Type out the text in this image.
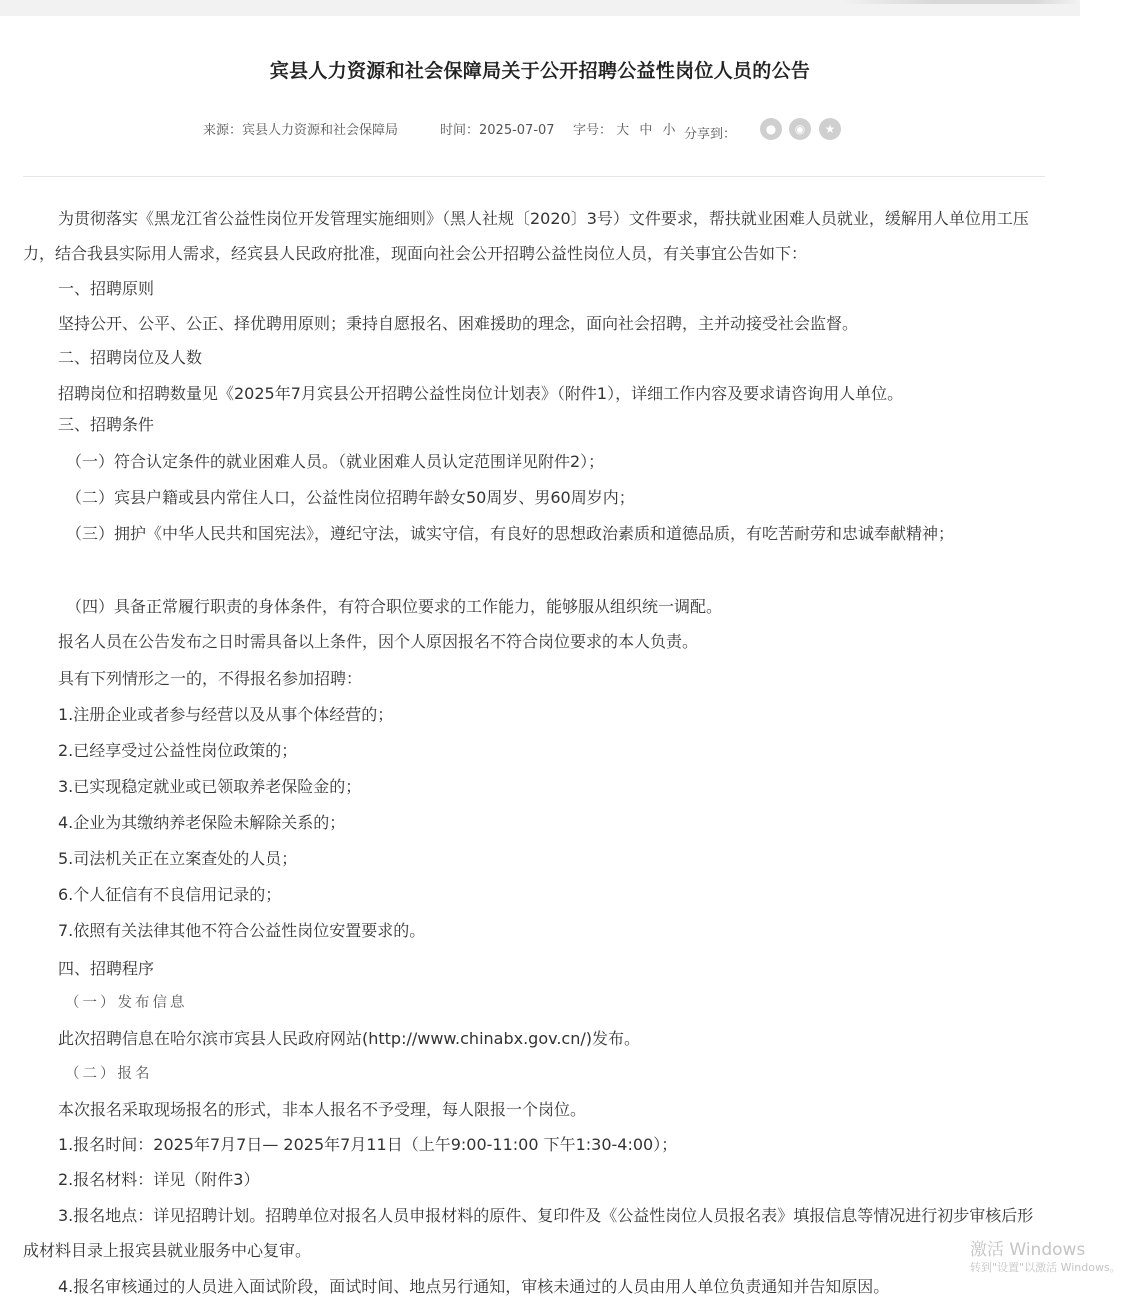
宾县人力资源和社会保障局关于公开招聘公益性岗位人员的公告
来源：宾县人力资源和社会保障局	时间：2025-07-07 字号： 大 中 小 分享到：	●	◉	★

为贯彻落实《黑龙江省公益性岗位开发管理实施细则》（黑人社规〔2020〕3号）文件要求，帮扶就业困难人员就业，缓解用人单位用工压力，结合我县实际用人需求，经宾县人民政府批准，现面向社会公开招聘公益性岗位人员，有关事宜公告如下：

一、招聘原则

坚持公开、公平、公正、择优聘用原则；秉持自愿报名、困难援助的理念，面向社会招聘，主并动接受社会监督。

二、招聘岗位及人数

招聘岗位和招聘数量见《2025年7月宾县公开招聘公益性岗位计划表》（附件1），详细工作内容及要求请咨询用人单位。

三、招聘条件

（一）符合认定条件的就业困难人员。（就业困难人员认定范围详见附件2）；

（二）宾县户籍或县内常住人口，公益性岗位招聘年龄女50周岁、男60周岁内；

（三）拥护《中华人民共和国宪法》，遵纪守法，诚实守信，有良好的思想政治素质和道德品质，有吃苦耐劳和忠诚奉献精神；

（四）具备正常履行职责的身体条件，有符合职位要求的工作能力，能够服从组织统一调配。

报名人员在公告发布之日时需具备以上条件，因个人原因报名不符合岗位要求的本人负责。

具有下列情形之一的，不得报名参加招聘：

1.注册企业或者参与经营以及从事个体经营的；

2.已经享受过公益性岗位政策的；

3.已实现稳定就业或已领取养老保险金的；

4.企业为其缴纳养老保险未解除关系的；

5.司法机关正在立案查处的人员；

6.个人征信有不良信用记录的；

7.依照有关法律其他不符合公益性岗位安置要求的。

四、招聘程序

（一）发布信息

此次招聘信息在哈尔滨市宾县人民政府网站(http://www.chinabx.gov.cn/)发布。

（二）报名

本次报名采取现场报名的形式，非本人报名不予受理，每人限报一个岗位。

1.报名时间：2025年7月7日— 2025年7月11日（上午9:00-11:00 下午1:30-4:00）；

2.报名材料：详见（附件3）

3.报名地点：详见招聘计划。招聘单位对报名人员申报材料的原件、复印件及《公益性岗位人员报名表》填报信息等情况进行初步审核后形成材料目录上报宾县就业服务中心复审。

4.报名审核通过的人员进入面试阶段，面试时间、地点另行通知，审核未通过的人员由用人单位负责通知并告知原因。

激活 Windows
转到"设置"以激活 Windows。
